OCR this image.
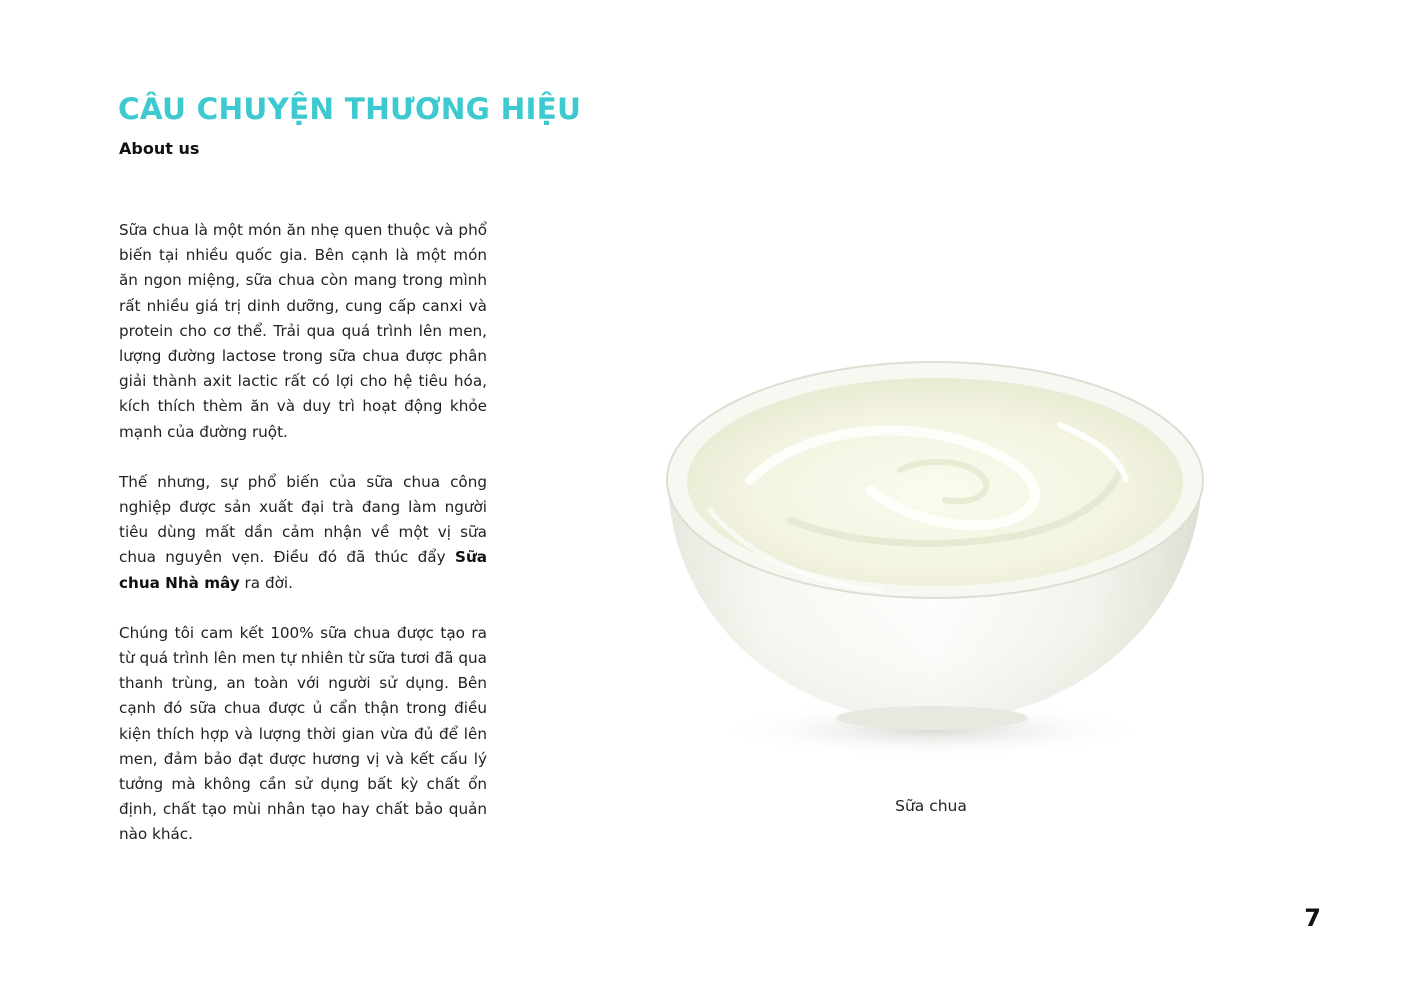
CÂU CHUYỆN THƯƠNG HIỆU
About us

Sữa chua là một món ăn nhẹ quen thuộc và phổ biến tại nhiều quốc gia. Bên cạnh là một món ăn ngon miệng, sữa chua còn mang trong mình rất nhiều giá trị dinh dưỡng, cung cấp canxi và protein cho cơ thể. Trải qua quá trình lên men, lượng đường lactose trong sữa chua được phân giải thành axit lactic rất có lợi cho hệ tiêu hóa, kích thích thèm ăn và duy trì hoạt động khỏe mạnh của đường ruột.

Thế nhưng, sự phổ biến của sữa chua công nghiệp được sản xuất đại trà đang làm người tiêu dùng mất dần cảm nhận về một vị sữa chua nguyên vẹn. Điều đó đã thúc đẩy Sữa chua Nhà mây ra đời.

Chúng tôi cam kết 100% sữa chua được tạo ra từ quá trình lên men tự nhiên từ sữa tươi đã qua thanh trùng, an toàn với người sử dụng. Bên cạnh đó sữa chua được ủ cẩn thận trong điều kiện thích hợp và lượng thời gian vừa đủ để lên men, đảm bảo đạt được hương vị và kết cấu lý tưởng mà không cần sử dụng bất kỳ chất ổn định, chất tạo mùi nhân tạo hay chất bảo quản nào khác.

Sữa chua
7
